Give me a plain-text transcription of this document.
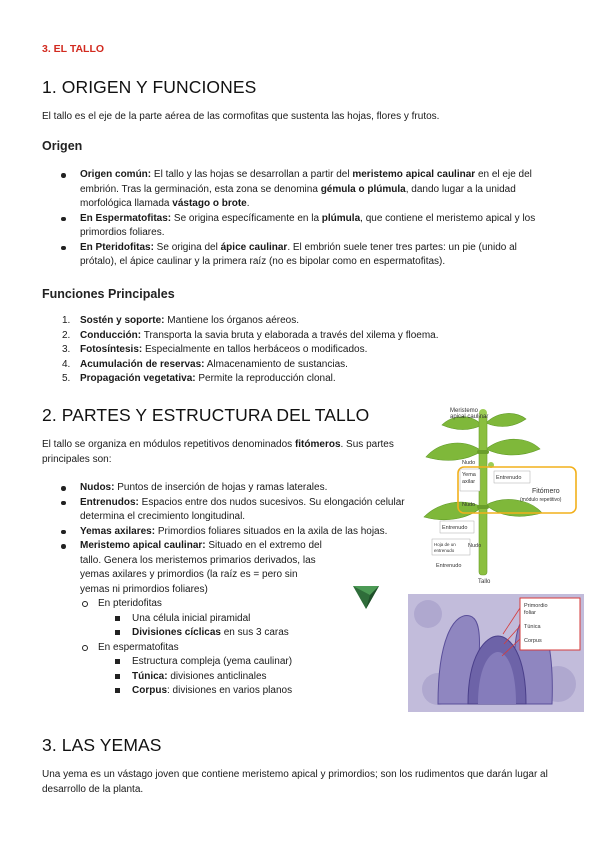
3. EL TALLO
1. ORIGEN Y FUNCIONES

El tallo es el eje de la parte aérea de las cormofitas que sustenta las hojas, flores y frutos.

Origen
Origen común: El tallo y las hojas se desarrollan a partir del meristemo apical caulinar en el eje del embrión. Tras la germinación, esta zona se denomina gémula o plúmula, dando lugar a la unidad morfológica llamada vástago o brote.
En Espermatofitas: Se origina específicamente en la plúmula, que contiene el meristemo apical y los primordios foliares.
En Pteridofitas: Se origina del ápice caulinar. El embrión suele tener tres partes: un pie (unido al prótalo), el ápice caulinar y la primera raíz (no es bipolar como en espermatofitas).
Funciones Principales
1. Sostén y soporte: Mantiene los órganos aéreos.
2. Conducción: Transporta la savia bruta y elaborada a través del xilema y floema.
3. Fotosíntesis: Especialmente en tallos herbáceos o modificados.
4. Acumulación de reservas: Almacenamiento de sustancias.
5. Propagación vegetativa: Permite la reproducción clonal.
2. PARTES Y ESTRUCTURA DEL TALLO

El tallo se organiza en módulos repetitivos denominados fitómeros. Sus partes principales son:

Nudos: Puntos de inserción de hojas y ramas laterales.
Entrenudos: Espacios entre dos nudos sucesivos. Su elongación celular determina el crecimiento longitudinal.
Yemas axilares: Primordios foliares situados en la axila de las hojas.
Meristemo apical caulinar: Situado en el extremo del tallo. Genera los meristemos primarios derivados, las yemas axilares y primordios (la raíz es = pero sin yemas ni primordios foliares)
En pteridofitas
Una célula inicial piramidal
Divisiones cíclicas en sus 3 caras
En espermatofitas
Estructura compleja (yema caulinar)
Túnica: divisiones anticlinales
Corpus: divisiones en varios planos
Meristemo
apical caulinar
Nudo
Yema
axilar
Entrenudo
Nudo
Fitómero
(módulo repetitivo)
Entrenudo
Hoja de un
entrenudo
Nudo
Entrenudo
Tallo
Primordio
foliar
Túnica
Corpus
3. LAS YEMAS

Una yema es un vástago joven que contiene meristemo apical y primordios; son los rudimentos que darán lugar al desarrollo de la planta.
